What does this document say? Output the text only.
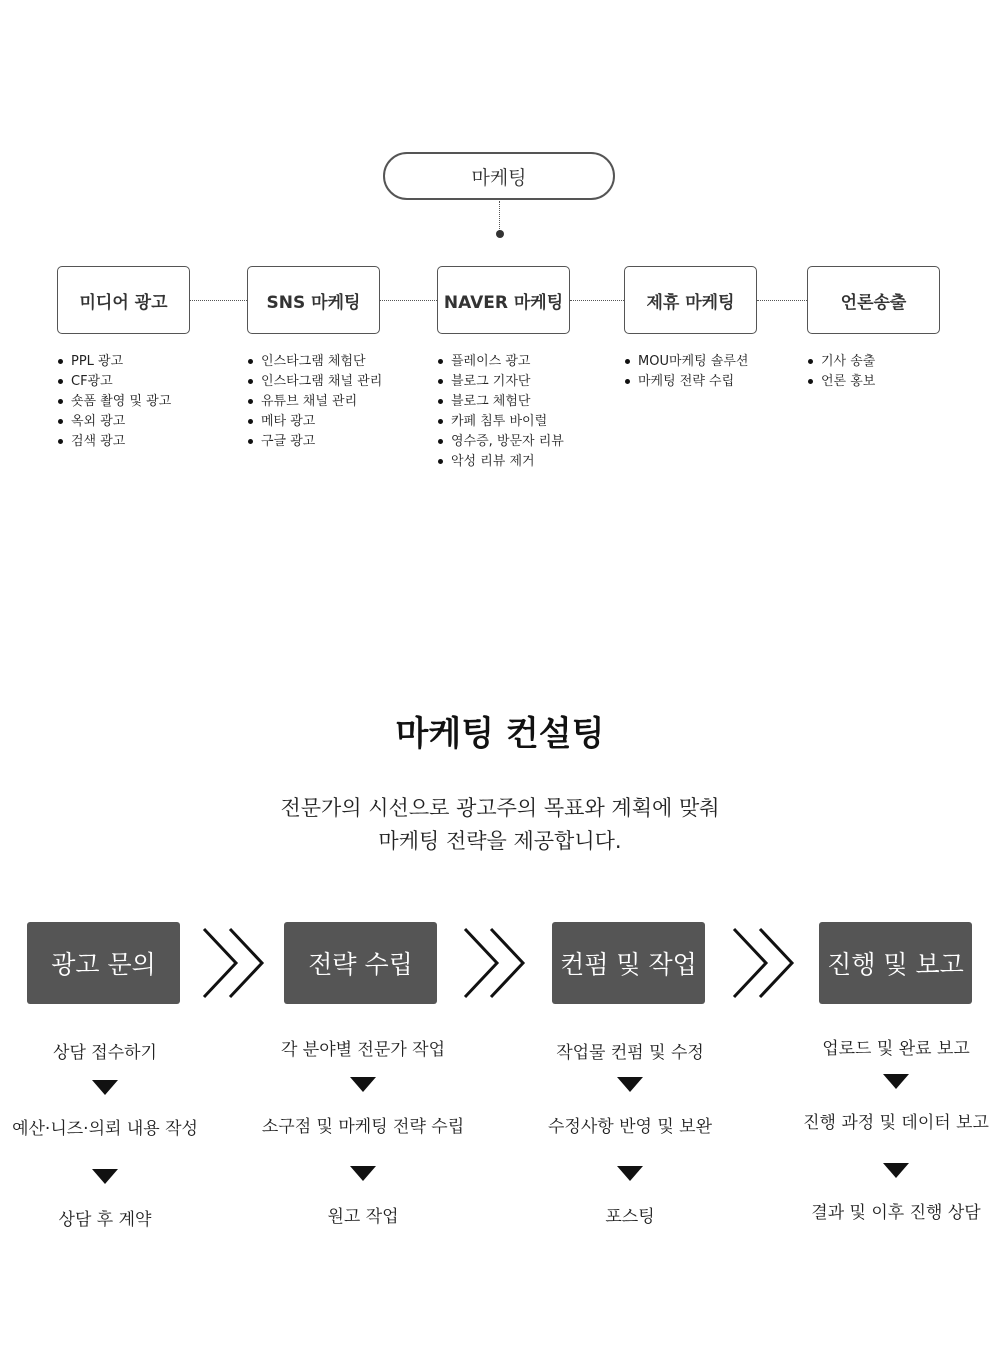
마케팅
미디어 광고	SNS 마케팅	NAVER 마케팅	제휴 마케팅	언론송출
PPL 광고
CF광고
숏폼 촬영 및 광고
옥외 광고
검색 광고
인스타그램 체험단
인스타그램 채널 관리
유튜브 채널 관리
메타 광고
구글 광고
플레이스 광고
블로그 기자단
블로그 체험단
카페 침투 바이럴
영수증, 방문자 리뷰
악성 리뷰 제거
MOU마케팅 솔루션
마케팅 전략 수립
기사 송출
언론 홍보
마케팅 컨설팅
전문가의 시선으로 광고주의 목표와 계획에 맞춰
마케팅 전략을 제공합니다.
광고 문의	전략 수립	컨펌 및 작업	진행 및 보고
상담 접수하기
예산·니즈·의뢰 내용 작성
상담 후 계약
각 분야별 전문가 작업
소구점 및 마케팅 전략 수립
원고 작업
작업물 컨펌 및 수정
수정사항 반영 및 보완
포스팅
업로드 및 완료 보고
진행 과정 및 데이터 보고
결과 및 이후 진행 상담
